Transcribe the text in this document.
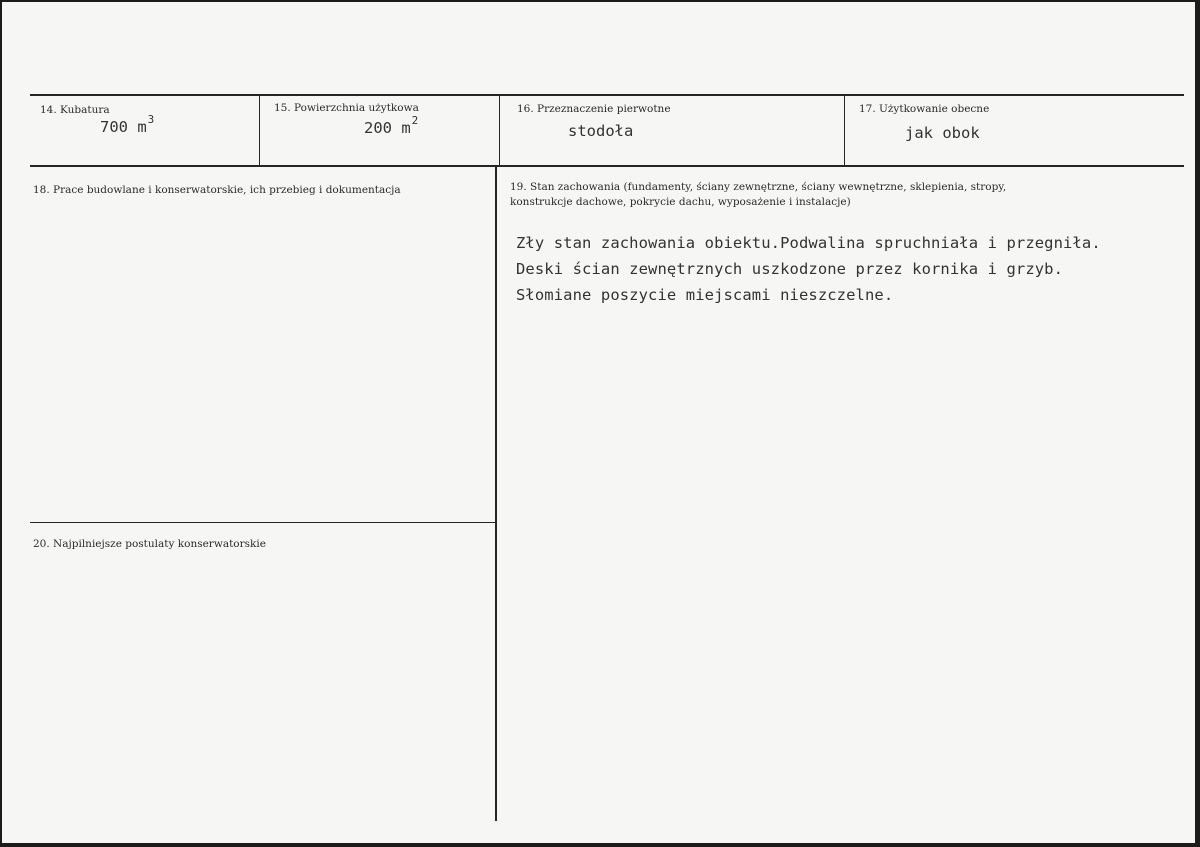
14. Kubatura
700 $m^3$
15. Powierzchnia użytkowa
200 $m^2$
16. Przeznaczenie pierwotne
stodoła
17. Użytkowanie obecne
jak obok
18. Prace budowlane i konserwatorskie, ich przebieg i dokumentacja	19. Stan zachowania (fundamenty, ściany zewnętrzne, ściany wewnętrzne, sklepienia, stropy,
konstrukcje dachowe, pokrycie dachu, wyposażenie i instalacje)
Zły stan zachowania obiektu.Podwalina spruchniała i przegniła.
Deski ścian zewnętrznych uszkodzone przez kornika i grzyb.
Słomiane poszycie miejscami nieszczelne.
20. Najpilniejsze postulaty konserwatorskie
